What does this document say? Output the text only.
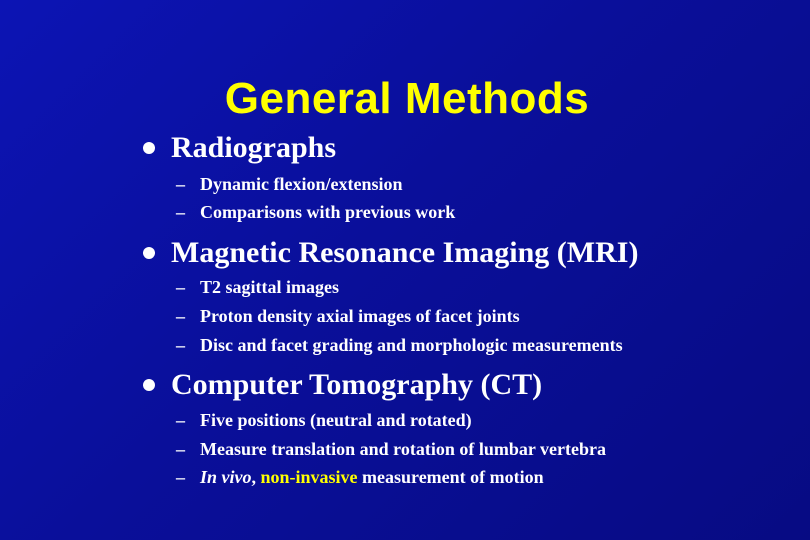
General Methods
Radiographs
– Dynamic flexion/extension
– Comparisons with previous work
Magnetic Resonance Imaging (MRI)
– T2 sagittal images
– Proton density axial images of facet joints
– Disc and facet grading and morphologic measurements
Computer Tomography (CT)
– Five positions (neutral and rotated)
– Measure translation and rotation of lumbar vertebra
– In vivo, non-invasive measurement of motion
